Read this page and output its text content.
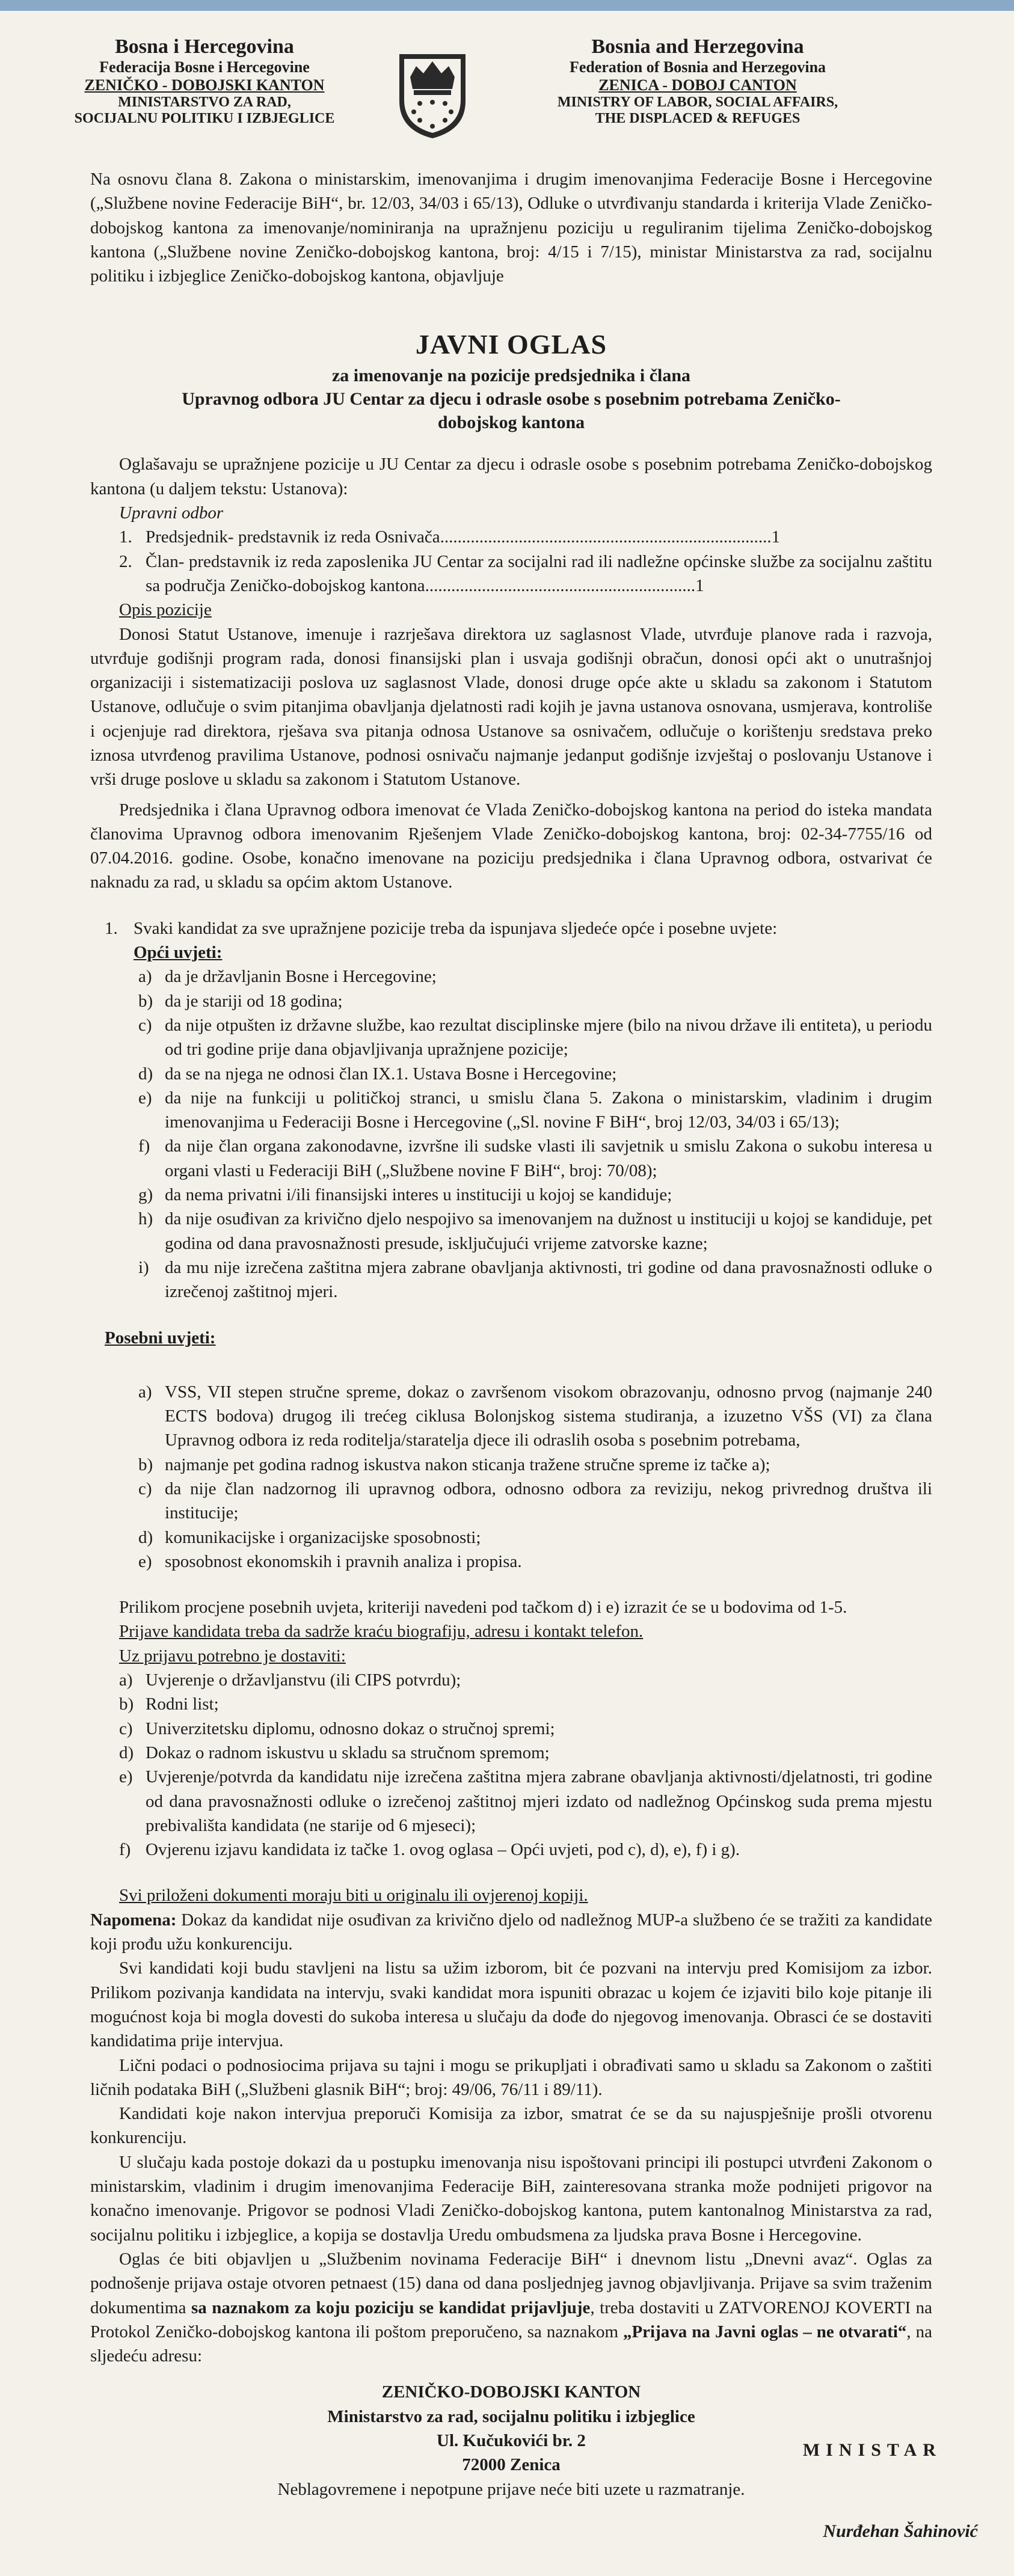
Bosna i Hercegovina
Federacija Bosne i Hercegovine
ZENIČKO - DOBOJSKI KANTON
MINISTARSTVO ZA RAD,
SOCIJALNU POLITIKU I IZBJEGLICE
Bosnia and Herzegovina
Federation of Bosnia and Herzegovina
ZENICA - DOBOJ CANTON
MINISTRY OF LABOR, SOCIAL AFFAIRS,
THE DISPLACED & REFUGES

Na osnovu člana 8. Zakona o ministarskim, imenovanjima i drugim imenovanjima Federacije Bosne i Hercegovine („Službene novine Federacije BiH“, br. 12/03, 34/03 i 65/13), Odluke o utvrđivanju standarda i kriterija Vlade Zeničko-dobojskog kantona za imenovanje/nominiranja na upražnjenu poziciju u reguliranim tijelima Zeničko-dobojskog kantona („Službene novine Zeničko-dobojskog kantona, broj: 4/15 i 7/15), ministar Ministarstva za rad, socijalnu politiku i izbjeglice Zeničko-dobojskog kantona, objavljuje

JAVNI OGLAS
za imenovanje na pozicije predsjednika i člana
Upravnog odbora JU Centar za djecu i odrasle osobe s posebnim potrebama Zeničko-
dobojskog kantona

Oglašavaju se upražnjene pozicije u JU Centar za djecu i odrasle osobe s posebnim potrebama Zeničko-dobojskog kantona (u daljem tekstu: Ustanova):

Upravni odbor

1. Predsjednik- predstavnik iz reda Osnivača............................................................................1
2. Član- predstavnik iz reda zaposlenika JU Centar za socijalni rad ili nadležne općinske službe za socijalnu zaštitu sa područja Zeničko-dobojskog kantona..............................................................1

Opis pozicije

Donosi Statut Ustanove, imenuje i razrješava direktora uz saglasnost Vlade, utvrđuje planove rada i razvoja, utvrđuje godišnji program rada, donosi finansijski plan i usvaja godišnji obračun, donosi opći akt o unutrašnjoj organizaciji i sistematizaciji poslova uz saglasnost Vlade, donosi druge opće akte u skladu sa zakonom i Statutom Ustanove, odlučuje o svim pitanjima obavljanja djelatnosti radi kojih je javna ustanova osnovana, usmjerava, kontroliše i ocjenjuje rad direktora, rješava sva pitanja odnosa Ustanove sa osnivačem, odlučuje o korištenju sredstava preko iznosa utvrđenog pravilima Ustanove, podnosi osnivaču najmanje jedanput godišnje izvještaj o poslovanju Ustanove i vrši druge poslove u skladu sa zakonom i Statutom Ustanove.

Predsjednika i člana Upravnog odbora imenovat će Vlada Zeničko-dobojskog kantona na period do isteka mandata članovima Upravnog odbora imenovanim Rješenjem Vlade Zeničko-dobojskog kantona, broj: 02-34-7755/16 od 07.04.2016. godine. Osobe, konačno imenovane na poziciju predsjednika i člana Upravnog odbora, ostvarivat će naknadu za rad, u skladu sa općim aktom Ustanove.

1. Svaki kandidat za sve upražnjene pozicije treba da ispunjava sljedeće opće i posebne uvjete:

Opći uvjeti:

a) da je državljanin Bosne i Hercegovine;
b) da je stariji od 18 godina;
c) da nije otpušten iz državne službe, kao rezultat disciplinske mjere (bilo na nivou države ili entiteta), u periodu od tri godine prije dana objavljivanja upražnjene pozicije;
d) da se na njega ne odnosi član IX.1. Ustava Bosne i Hercegovine;
e) da nije na funkciji u političkoj stranci, u smislu člana 5. Zakona o ministarskim, vladinim i drugim imenovanjima u Federaciji Bosne i Hercegovine („Sl. novine F BiH“, broj 12/03, 34/03 i 65/13);
f) da nije član organa zakonodavne, izvršne ili sudske vlasti ili savjetnik u smislu Zakona o sukobu interesa u organi vlasti u Federaciji BiH („Službene novine F BiH“, broj: 70/08);
g) da nema privatni i/ili finansijski interes u instituciji u kojoj se kandiduje;
h) da nije osuđivan za krivično djelo nespojivo sa imenovanjem na dužnost u instituciji u kojoj se kandiduje, pet godina od dana pravosnažnosti presude, isključujući vrijeme zatvorske kazne;
i) da mu nije izrečena zaštitna mjera zabrane obavljanja aktivnosti, tri godine od dana pravosnažnosti odluke o izrečenoj zaštitnoj mjeri.

Posebni uvjeti:

a) VSS, VII stepen stručne spreme, dokaz o završenom visokom obrazovanju, odnosno prvog (najmanje 240 ECTS bodova) drugog ili trećeg ciklusa Bolonjskog sistema studiranja, a izuzetno VŠS (VI) za člana Upravnog odbora iz reda roditelja/staratelja djece ili odraslih osoba s posebnim potrebama,
b) najmanje pet godina radnog iskustva nakon sticanja tražene stručne spreme iz tačke a);
c) da nije član nadzornog ili upravnog odbora, odnosno odbora za reviziju, nekog privrednog društva ili institucije;
d) komunikacijske i organizacijske sposobnosti;
e) sposobnost ekonomskih i pravnih analiza i propisa.

Prilikom procjene posebnih uvjeta, kriteriji navedeni pod tačkom d) i e) izrazit će se u bodovima od 1-5.

Prijave kandidata treba da sadrže kraću biografiju, adresu i kontakt telefon.

Uz prijavu potrebno je dostaviti:

a) Uvjerenje o državljanstvu (ili CIPS potvrdu);
b) Rodni list;
c) Univerzitetsku diplomu, odnosno dokaz o stručnoj spremi;
d) Dokaz o radnom iskustvu u skladu sa stručnom spremom;
e) Uvjerenje/potvrda da kandidatu nije izrečena zaštitna mjera zabrane obavljanja aktivnosti/djelatnosti, tri godine od dana pravosnažnosti odluke o izrečenoj zaštitnoj mjeri izdato od nadležnog Općinskog suda prema mjestu prebivališta kandidata (ne starije od 6 mjeseci);
f) Ovjerenu izjavu kandidata iz tačke 1. ovog oglasa – Opći uvjeti, pod c), d), e), f) i g).

Svi priloženi dokumenti moraju biti u originalu ili ovjerenoj kopiji.

Napomena: Dokaz da kandidat nije osuđivan za krivično djelo od nadležnog MUP-a službeno će se tražiti za kandidate koji prođu užu konkurenciju.

Svi kandidati koji budu stavljeni na listu sa užim izborom, bit će pozvani na intervju pred Komisijom za izbor. Prilikom pozivanja kandidata na intervju, svaki kandidat mora ispuniti obrazac u kojem će izjaviti bilo koje pitanje ili mogućnost koja bi mogla dovesti do sukoba interesa u slučaju da dođe do njegovog imenovanja. Obrasci će se dostaviti kandidatima prije intervjua.

Lični podaci o podnosiocima prijava su tajni i mogu se prikupljati i obrađivati samo u skladu sa Zakonom o zaštiti ličnih podataka BiH („Službeni glasnik BiH“; broj: 49/06, 76/11 i 89/11).

Kandidati koje nakon intervjua preporuči Komisija za izbor, smatrat će se da su najuspješnije prošli otvorenu konkurenciju.

U slučaju kada postoje dokazi da u postupku imenovanja nisu ispoštovani principi ili postupci utvrđeni Zakonom o ministarskim, vladinim i drugim imenovanjima Federacije BiH, zainteresovana stranka može podnijeti prigovor na konačno imenovanje. Prigovor se podnosi Vladi Zeničko-dobojskog kantona, putem kantonalnog Ministarstva za rad, socijalnu politiku i izbjeglice, a kopija se dostavlja Uredu ombudsmena za ljudska prava Bosne i Hercegovine.

Oglas će biti objavljen u „Službenim novinama Federacije BiH“ i dnevnom listu „Dnevni avaz“. Oglas za podnošenje prijava ostaje otvoren petnaest (15) dana od dana posljednjeg javnog objavljivanja. Prijave sa svim traženim dokumentima sa naznakom za koju poziciju se kandidat prijavljuje, treba dostaviti u ZATVORENOJ KOVERTI na Protokol Zeničko-dobojskog kantona ili poštom preporučeno, sa naznakom „Prijava na Javni oglas – ne otvarati“, na sljedeću adresu:

ZENIČKO-DOBOJSKI KANTON
Ministarstvo za rad, socijalnu politiku i izbjeglice
Ul. Kučukovići br. 2
72000 Zenica

Neblagovremene i nepotpune prijave neće biti uzete u razmatranje.

MINISTAR
Nurđehan Šahinović
